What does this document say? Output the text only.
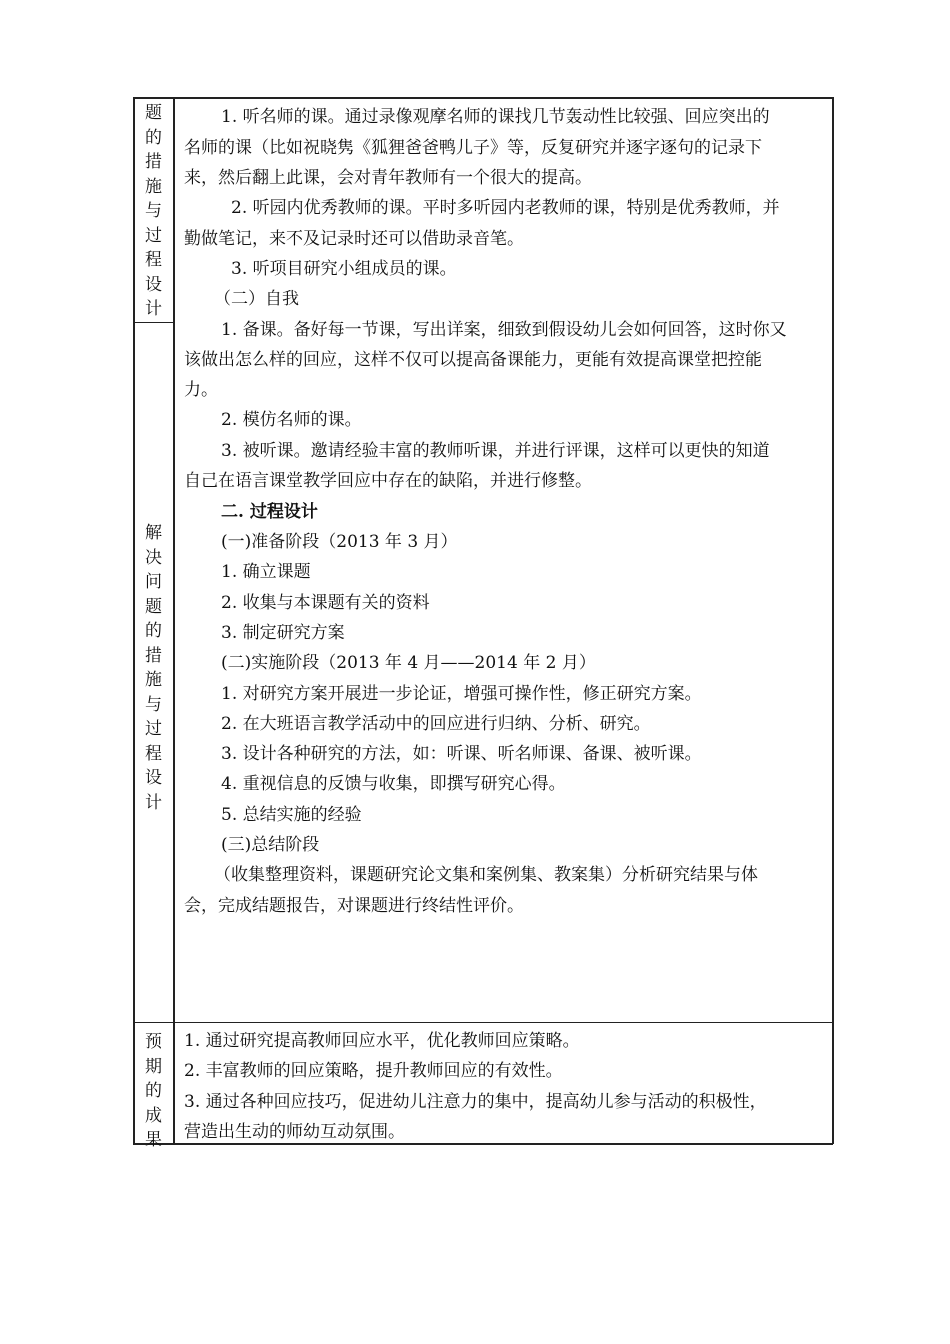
题
的
措
施
与
过
程
设
计
解
决
问
题
的
措
施
与
过
程
设
计
预
期
的
成
果
1. 听名师的课。通过录像观摩名师的课找几节轰动性比较强、回应突出的
名师的课（比如祝晓隽《狐狸爸爸鸭儿子》等，反复研究并逐字逐句的记录下
来，然后翻上此课，会对青年教师有一个很大的提高。
2. 听园内优秀教师的课。平时多听园内老教师的课，特别是优秀教师，并
勤做笔记，来不及记录时还可以借助录音笔。
3. 听项目研究小组成员的课。
（二）自我
1. 备课。备好每一节课，写出详案，细致到假设幼儿会如何回答，这时你又
该做出怎么样的回应，这样不仅可以提高备课能力，更能有效提高课堂把控能
力。
2. 模仿名师的课。
3. 被听课。邀请经验丰富的教师听课，并进行评课，这样可以更快的知道
自己在语言课堂教学回应中存在的缺陷，并进行修整。
二. 过程设计
(一)准备阶段（2013 年 3 月）
1. 确立课题
2. 收集与本课题有关的资料
3. 制定研究方案
(二)实施阶段（2013 年 4 月——2014 年 2 月）
1. 对研究方案开展进一步论证，增强可操作性，修正研究方案。
2. 在大班语言教学活动中的回应进行归纳、分析、研究。
3. 设计各种研究的方法，如：听课、听名师课、备课、被听课。
4. 重视信息的反馈与收集，即撰写研究心得。
5. 总结实施的经验
(三)总结阶段
（收集整理资料，课题研究论文集和案例集、教案集）分析研究结果与体
会，完成结题报告，对课题进行终结性评价。
1. 通过研究提高教师回应水平，优化教师回应策略。
2. 丰富教师的回应策略，提升教师回应的有效性。
3. 通过各种回应技巧，促进幼儿注意力的集中，提高幼儿参与活动的积极性，
营造出生动的师幼互动氛围。
